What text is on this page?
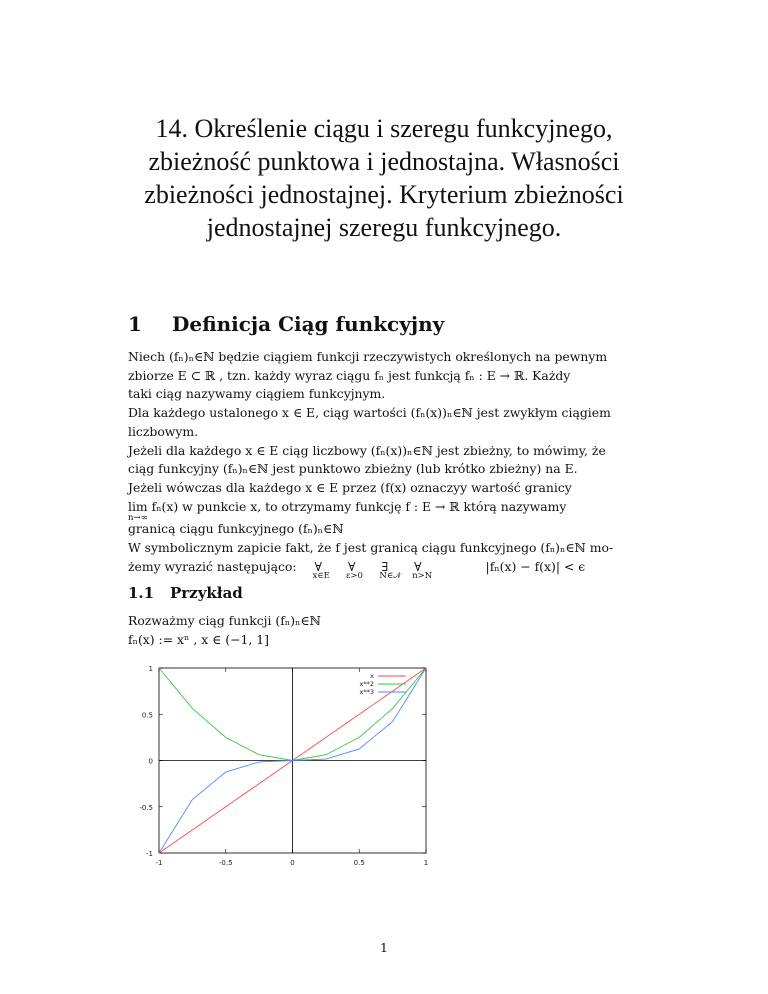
14. Określenie ciągu i szeregu funkcyjnego,
zbieżność punktowa i jednostajna. Własności
zbieżności jednostajnej. Kryterium zbieżności
jednostajnej szeregu funkcyjnego.
1 Definicja Ciąg funkcyjny
Niech (fₙ)ₙ∈ℕ będzie ciągiem funkcji rzeczywistych określonych na pewnym
zbiorze E ⊂ ℝ , tzn. każdy wyraz ciągu fₙ jest funkcją fₙ : E → ℝ. Każdy
taki ciąg nazywamy ciągiem funkcyjnym.
Dla każdego ustalonego x ∈ E, ciąg wartości (fₙ(x))ₙ∈ℕ jest zwykłym ciągiem
liczbowym.
Jeżeli dla każdego x ∈ E ciąg liczbowy (fₙ(x))ₙ∈ℕ jest zbieżny, to mówimy, że
ciąg funkcyjny (fₙ)ₙ∈ℕ jest punktowo zbieżny (lub krótko zbieżny) na E.
Jeżeli wówczas dla każdego x ∈ E przez (f(x) oznaczyy wartość granicy
lim fₙ(x) w punkcie x, to otrzymamy funkcję f : E → ℝ którą nazywamy
n→∞
granicą ciągu funkcyjnego (fₙ)ₙ∈ℕ
W symbolicznym zapicie fakt, że f jest granicą ciągu funkcyjnego (fₙ)ₙ∈ℕ mo-
żemy wyrazić następująco: ∀
x∈E
∀
ε>0
∃
N∈𝒩
∀
n>N
|fₙ(x) − f(x)| < ϵ
1.1 Przykład
Rozważmy ciąg funkcji (fₙ)ₙ∈ℕ
fₙ(x) := xⁿ , x ∈ (−1, 1]
-1	-0.5	0	0.5	1
1
0.5
0
-0.5
-1
x
x**2
x**3
1
